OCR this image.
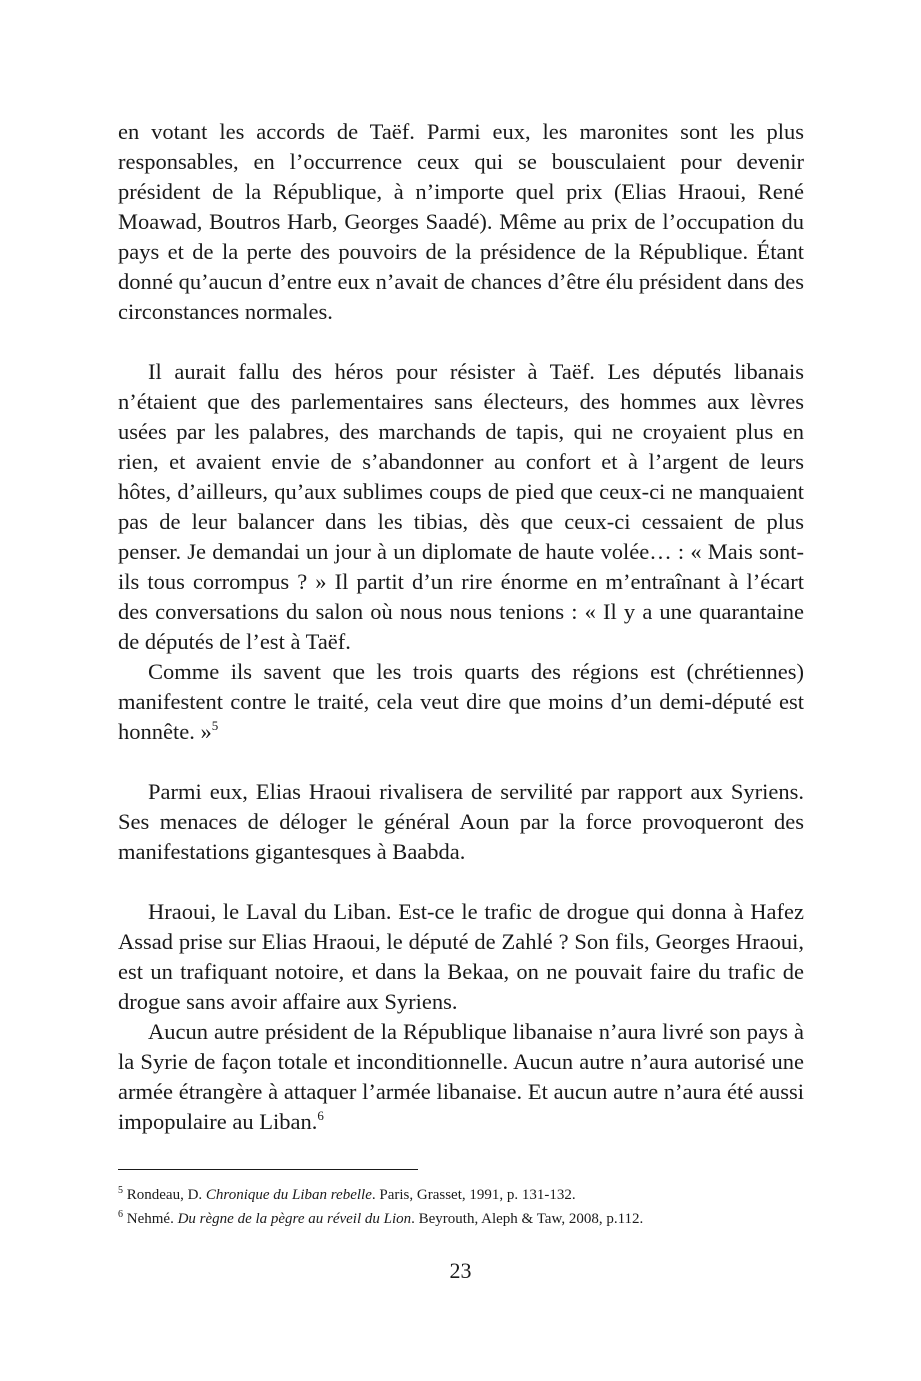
en votant les accords de Taëf. Parmi eux, les maronites sont les plus responsables, en l’occurrence ceux qui se bousculaient pour devenir président de la République, à n’importe quel prix (Elias Hraoui, René Moawad, Boutros Harb, Georges Saadé). Même au prix de l’occupation du pays et de la perte des pouvoirs de la présidence de la République. Étant donné qu’aucun d’entre eux n’avait de chances d’être élu président dans des circonstances normales.

Il aurait fallu des héros pour résister à Taëf. Les députés libanais n’étaient que des parlementaires sans électeurs, des hommes aux lèvres usées par les palabres, des marchands de tapis, qui ne croyaient plus en rien, et avaient envie de s’abandonner au confort et à l’argent de leurs hôtes, d’ailleurs, qu’aux sublimes coups de pied que ceux-ci ne manquaient pas de leur balancer dans les tibias, dès que ceux-ci cessaient de plus penser. Je demandai un jour à un diplomate de haute volée… : « Mais sont-ils tous corrompus ? » Il partit d’un rire énorme en m’entraînant à l’écart des conversations du salon où nous nous tenions : « Il y a une quarantaine de députés de l’est à Taëf.

Comme ils savent que les trois quarts des régions est (chrétiennes) manifestent contre le traité, cela veut dire que moins d’un demi-député est honnête. »$^5$

Parmi eux, Elias Hraoui rivalisera de servilité par rapport aux Syriens. Ses menaces de déloger le général Aoun par la force provoqueront des manifestations gigantesques à Baabda.

Hraoui, le Laval du Liban. Est-ce le trafic de drogue qui donna à Hafez Assad prise sur Elias Hraoui, le député de Zahlé ? Son fils, Georges Hraoui, est un trafiquant notoire, et dans la Bekaa, on ne pouvait faire du trafic de drogue sans avoir affaire aux Syriens.

Aucun autre président de la République libanaise n’aura livré son pays à la Syrie de façon totale et inconditionnelle. Aucun autre n’aura autorisé une armée étrangère à attaquer l’armée libanaise. Et aucun autre n’aura été aussi impopulaire au Liban.$^6$

$^5$ Rondeau, D. Chronique du Liban rebelle. Paris, Grasset, 1991, p. 131-132.
$^6$ Nehmé. Du règne de la pègre au réveil du Lion. Beyrouth, Aleph & Taw, 2008, p.112.
23
